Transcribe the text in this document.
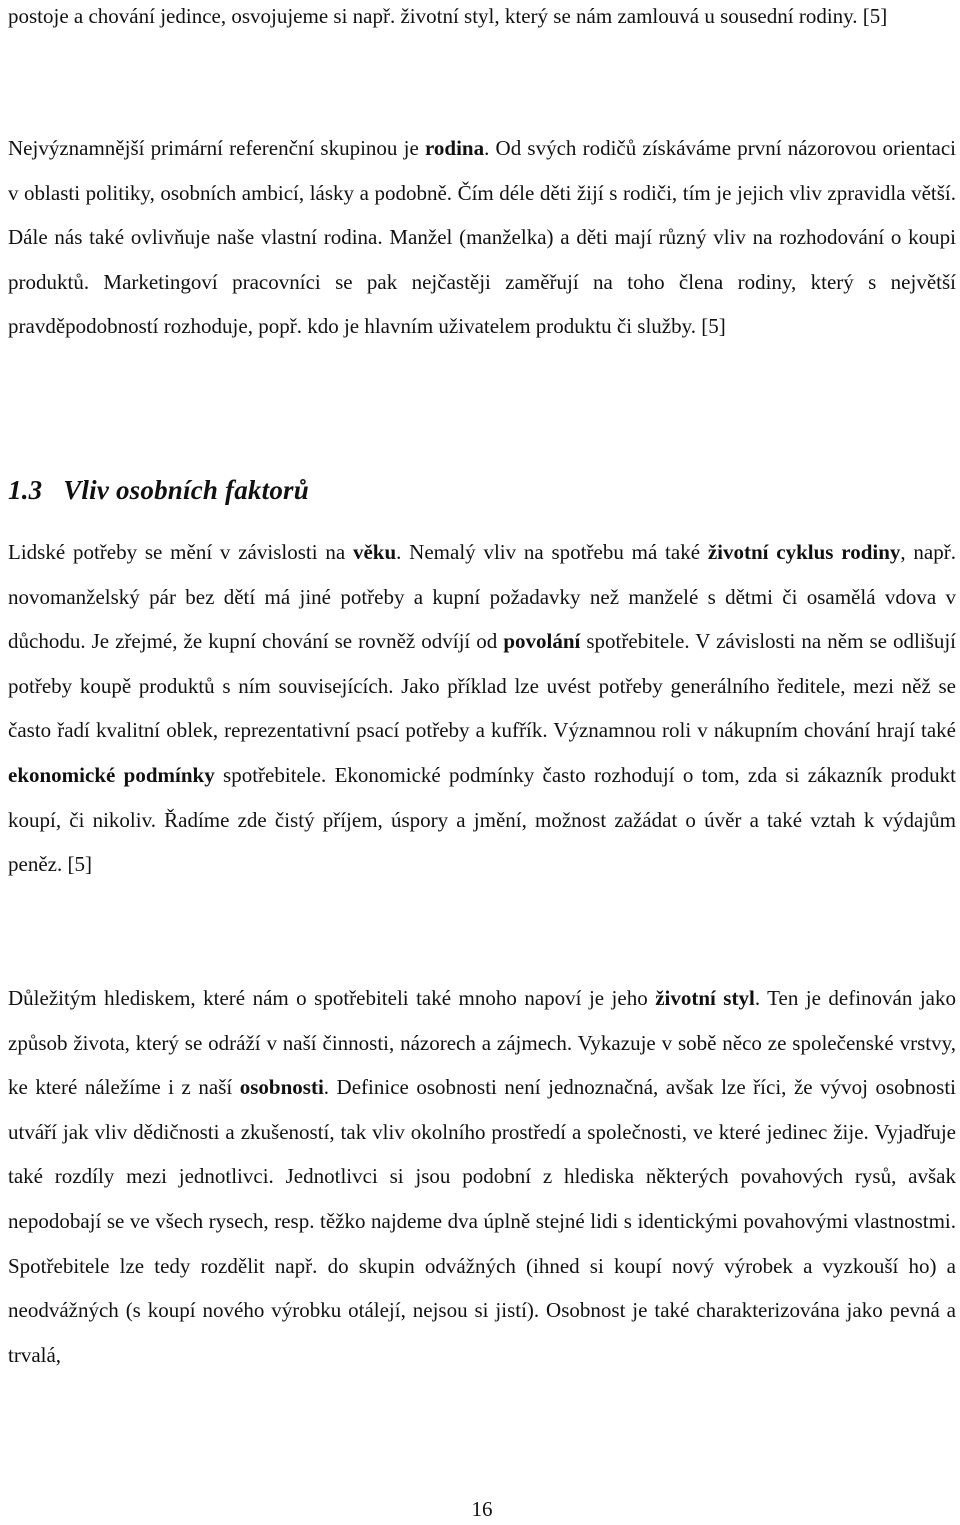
postoje a chování jedince, osvojujeme si např. životní styl, který se nám zamlouvá u sousední rodiny. [5]

Nejvýznamnější primární referenční skupinou je rodina. Od svých rodičů získáváme první názorovou orientaci v oblasti politiky, osobních ambicí, lásky a podobně. Čím déle děti žijí s rodiči, tím je jejich vliv zpravidla větší. Dále nás také ovlivňuje naše vlastní rodina. Manžel (manželka) a děti mají různý vliv na rozhodování o koupi produktů. Marketingoví pracovníci se pak nejčastěji zaměřují na toho člena rodiny, který s největší pravděpodobností rozhoduje, popř. kdo je hlavním uživatelem produktu či služby. [5]

1.3 Vliv osobních faktorů

Lidské potřeby se mění v závislosti na věku. Nemalý vliv na spotřebu má také životní cyklus rodiny, např. novomanželský pár bez dětí má jiné potřeby a kupní požadavky než manželé s dětmi či osamělá vdova v důchodu. Je zřejmé, že kupní chování se rovněž odvíjí od povolání spotřebitele. V závislosti na něm se odlišují potřeby koupě produktů s ním souvisejících. Jako příklad lze uvést potřeby generálního ředitele, mezi něž se často řadí kvalitní oblek, reprezentativní psací potřeby a kufřík. Významnou roli v nákupním chování hrají také ekonomické podmínky spotřebitele. Ekonomické podmínky často rozhodují o tom, zda si zákazník produkt koupí, či nikoliv. Řadíme zde čistý příjem, úspory a jmění, možnost zažádat o úvěr a také vztah k výdajům peněz. [5]

Důležitým hlediskem, které nám o spotřebiteli také mnoho napoví je jeho životní styl. Ten je definován jako způsob života, který se odráží v naší činnosti, názorech a zájmech. Vykazuje v sobě něco ze společenské vrstvy, ke které náležíme i z naší osobnosti. Definice osobnosti není jednoznačná, avšak lze říci, že vývoj osobnosti utváří jak vliv dědičnosti a zkušeností, tak vliv okolního prostředí a společnosti, ve které jedinec žije. Vyjadřuje také rozdíly mezi jednotlivci. Jednotlivci si jsou podobní z hlediska některých povahových rysů, avšak nepodobají se ve všech rysech, resp. těžko najdeme dva úplně stejné lidi s identickými povahovými vlastnostmi. Spotřebitele lze tedy rozdělit např. do skupin odvážných (ihned si koupí nový výrobek a vyzkouší ho) a neodvážných (s koupí nového výrobku otálejí, nejsou si jistí). Osobnost je také charakterizována jako pevná a trvalá,

16
